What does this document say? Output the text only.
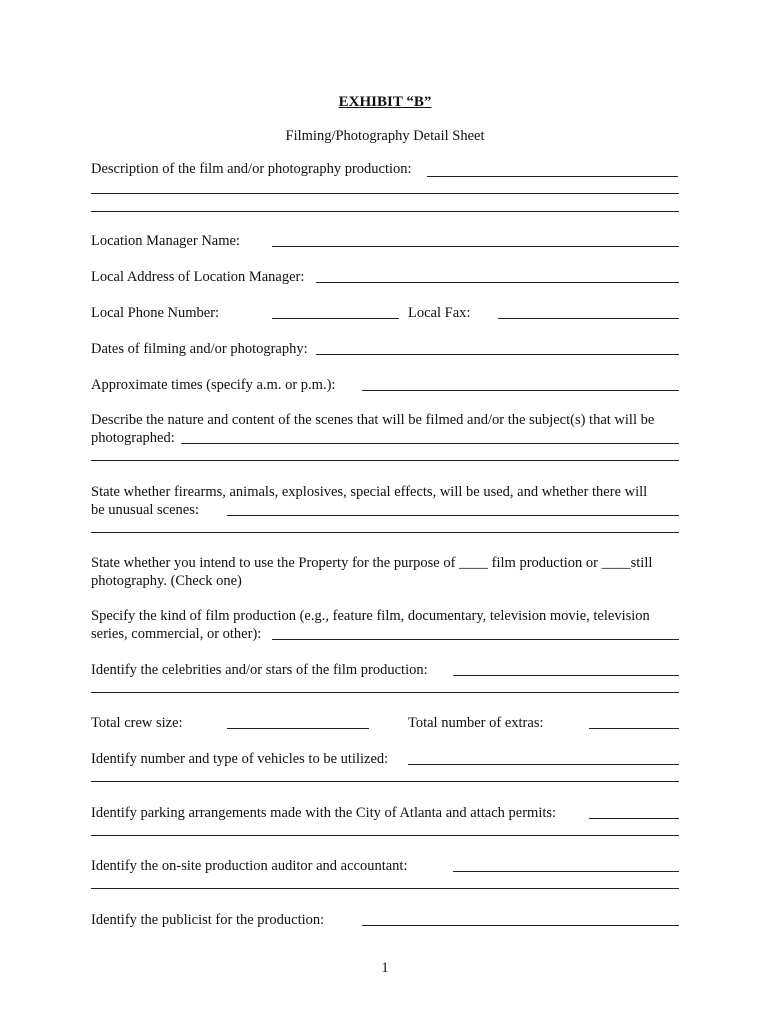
EXHIBIT “B”
Filming/Photography Detail Sheet
Description of the film and/or photography production:
Location Manager Name:
Local Address of Location Manager:
Local Phone Number:	Local Fax:
Dates of filming and/or photography:
Approximate times (specify a.m. or p.m.):
Describe the nature and content of the scenes that will be filmed and/or the subject(s) that will be
photographed:
State whether firearms, animals, explosives, special effects, will be used, and whether there will
be unusual scenes:
State whether you intend to use the Property for the purpose of ____ film production or ____still
photography. (Check one)
Specify the kind of film production (e.g., feature film, documentary, television movie, television
series, commercial, or other):
Identify the celebrities and/or stars of the film production:
Total crew size:	Total number of extras:
Identify number and type of vehicles to be utilized:
Identify parking arrangements made with the City of Atlanta and attach permits:
Identify the on-site production auditor and accountant:
Identify the publicist for the production:
1
